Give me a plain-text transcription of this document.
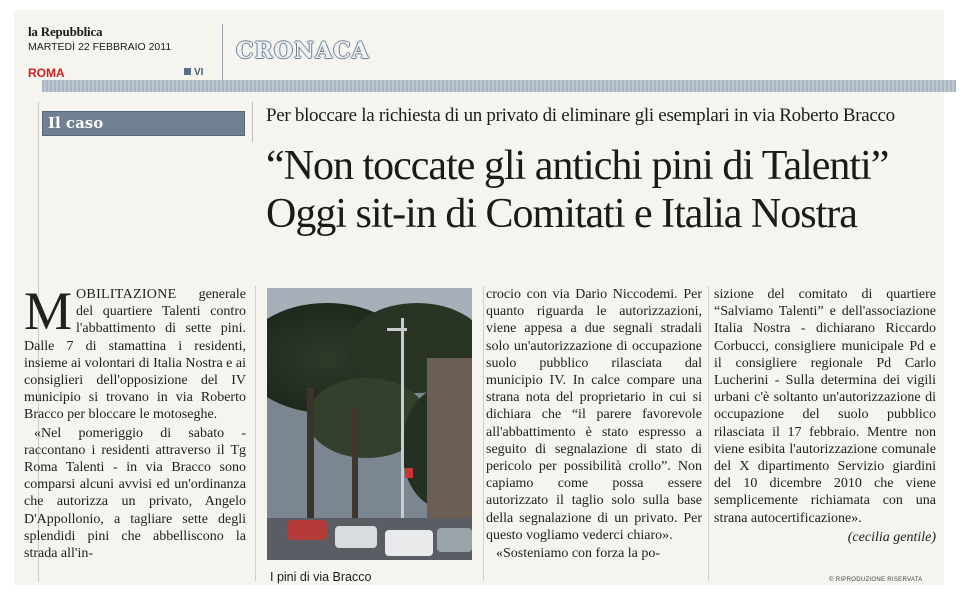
la Repubblica
MARTEDÌ 22 FEBBRAIO 2011
ROMA	VI
CRONACA
Il caso	Per bloccare la richiesta di un privato di eliminare gli esemplari in via Roberto Bracco
“Non toccate gli antichi pini di Talenti”
Oggi sit-in di Comitati e Italia Nostra

MOBILITAZIONE generale del quartiere Talenti contro l'abbattimento di sette pini. Dalle 7 di stamattina i residenti, insieme ai volontari di Italia Nostra e ai consiglieri dell'opposizione del IV municipio si trovano in via Roberto Bracco per bloccare le motoseghe.

«Nel pomeriggio di sabato - raccontano i residenti attraverso il Tg Roma Talenti - in via Bracco sono comparsi alcuni avvisi ed un'ordinanza che autorizza un privato, Angelo D'Appollonio, a tagliare sette degli splendidi pini che abbelliscono la strada all'in-

I pini di via Bracco

crocio con via Dario Niccodemi. Per quanto riguarda le autorizzazioni, viene appesa a due segnali stradali solo un'autorizzazione di occupazione suolo pubblico rilasciata dal municipio IV. In calce compare una strana nota del proprietario in cui si dichiara che “il parere favorevole all'abbattimento è stato espresso a seguito di segnalazione di stato di pericolo per possibilità crollo”. Non capiamo come possa essere autorizzato il taglio solo sulla base della segnalazione di un privato. Per questo vogliamo vederci chiaro».

«Sosteniamo con forza la po-

sizione del comitato di quartiere “Salviamo Talenti” e dell'associazione Italia Nostra - dichiarano Riccardo Corbucci, consigliere municipale Pd e il consigliere regionale Pd Carlo Lucherini - Sulla determina dei vigili urbani c'è soltanto un'autorizzazione di occupazione del suolo pubblico rilasciata il 17 febbraio. Mentre non viene esibita l'autorizzazione comunale del X dipartimento Servizio giardini del 10 dicembre 2010 che viene semplicemente richiamata con una strana autocertificazione».

(cecilia gentile)
© RIPRODUZIONE RISERVATA
